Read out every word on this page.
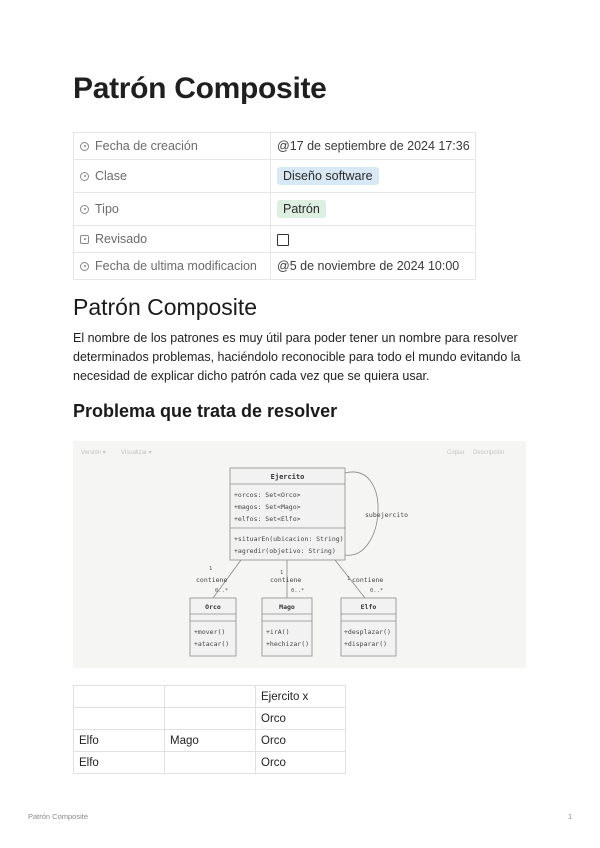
Patrón Composite
Fecha de creación	@17 de septiembre de 2024 17:36
Clase	Diseño software
Tipo	Patrón
Revisado	
Fecha de ultima modificacion	@5 de noviembre de 2024 10:00
Patrón Composite

El nombre de los patrones es muy útil para poder tener un nombre para resolver determinados problemas, haciéndolo reconocible para todo el mundo evitando la necesidad de explicar dicho patrón cada vez que se quiera usar.

Problema que trata de resolver
Versión ▾	Visualizar ▾	Copiar Descripción
Ejercito
+orcos: Set<Orco>
+magos: Set<Mago>
+elfos: Set<Elfo>
+situarEn(ubicacion: String)
+agredir(objetivo: String)
subejercito
1
contiene
0..*
1
contiene
0..*
1 contiene
0..*
Orco
+mover()
+atacar()
Mago
+irA()
+hechizar()
Elfo
+desplazar()
+disparar()
		Ejercito x
		Orco
Elfo	Mago	Orco
Elfo		Orco
Patrón Composite	1
